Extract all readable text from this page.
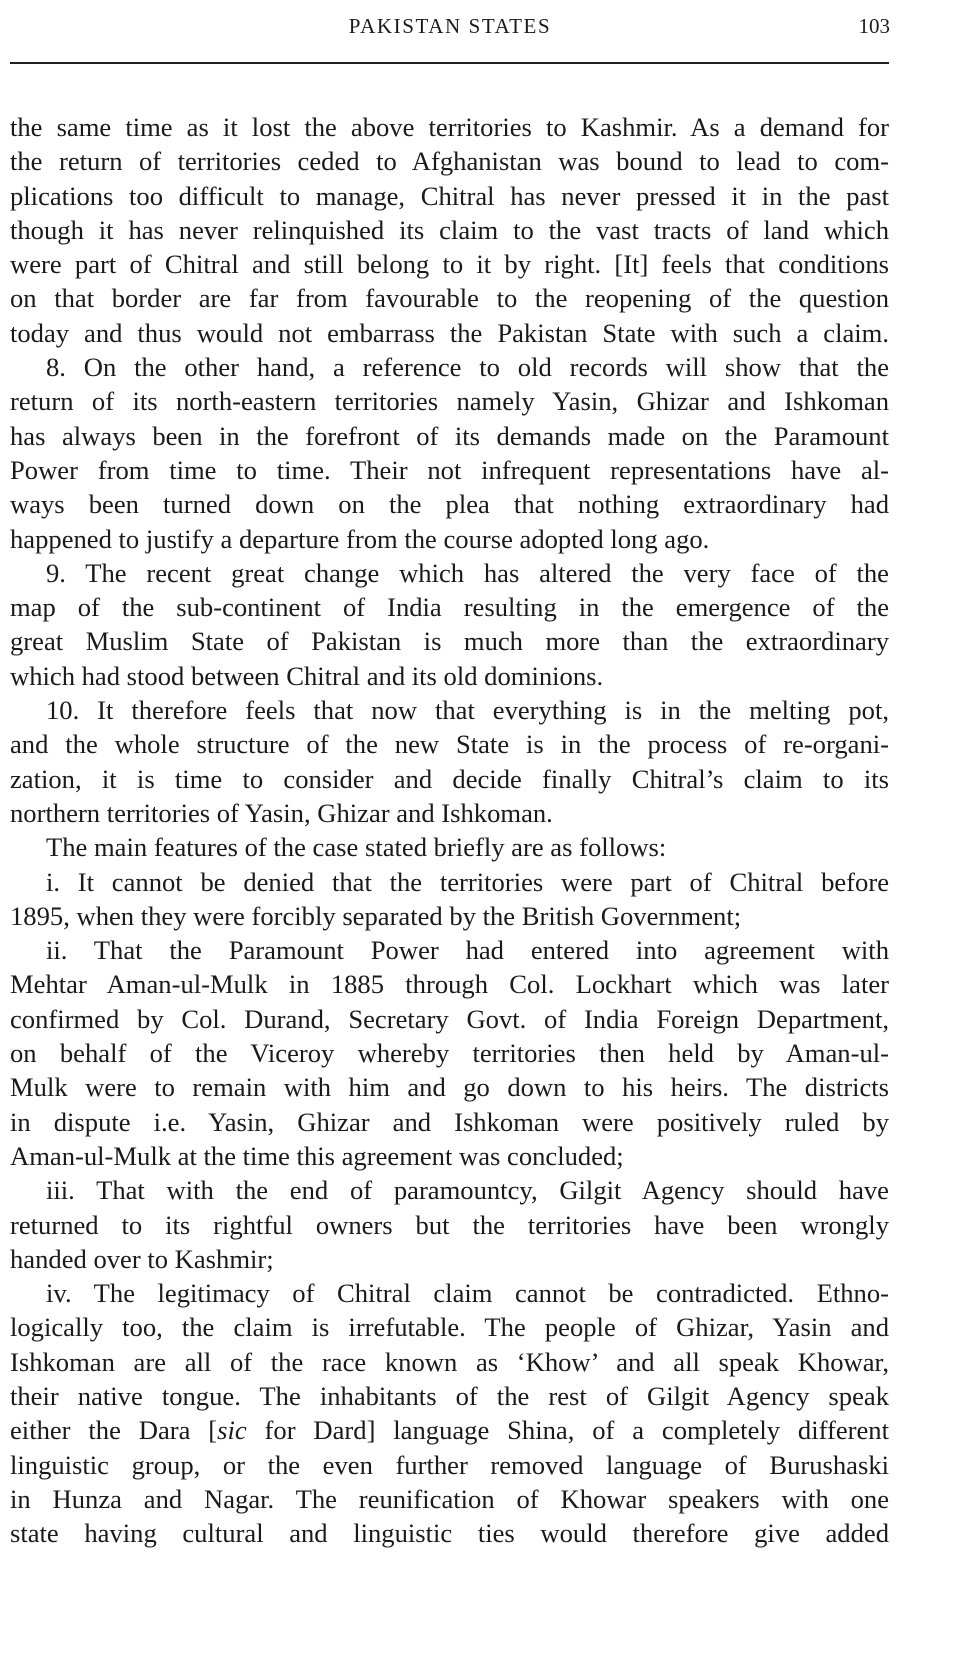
PAKISTAN STATES	103
the same time as it lost the above territories to Kashmir. As a demand for
the return of territories ceded to Afghanistan was bound to lead to com-
plications too difficult to manage, Chitral has never pressed it in the past
though it has never relinquished its claim to the vast tracts of land which
were part of Chitral and still belong to it by right. [It] feels that conditions
on that border are far from favourable to the reopening of the question
today and thus would not embarrass the Pakistan State with such a claim.
8. On the other hand, a reference to old records will show that the
return of its north-eastern territories namely Yasin, Ghizar and Ishkoman
has always been in the forefront of its demands made on the Paramount
Power from time to time. Their not infrequent representations have al-
ways been turned down on the plea that nothing extraordinary had
happened to justify a departure from the course adopted long ago.
9. The recent great change which has altered the very face of the
map of the sub-continent of India resulting in the emergence of the
great Muslim State of Pakistan is much more than the extraordinary
which had stood between Chitral and its old dominions.
10. It therefore feels that now that everything is in the melting pot,
and the whole structure of the new State is in the process of re-organi-
zation, it is time to consider and decide finally Chitral’s claim to its
northern territories of Yasin, Ghizar and Ishkoman.
The main features of the case stated briefly are as follows:
i. It cannot be denied that the territories were part of Chitral before
1895, when they were forcibly separated by the British Government;
ii. That the Paramount Power had entered into agreement with
Mehtar Aman-ul-Mulk in 1885 through Col. Lockhart which was later
confirmed by Col. Durand, Secretary Govt. of India Foreign Department,
on behalf of the Viceroy whereby territories then held by Aman-ul-
Mulk were to remain with him and go down to his heirs. The districts
in dispute i.e. Yasin, Ghizar and Ishkoman were positively ruled by
Aman-ul-Mulk at the time this agreement was concluded;
iii. That with the end of paramountcy, Gilgit Agency should have
returned to its rightful owners but the territories have been wrongly
handed over to Kashmir;
iv. The legitimacy of Chitral claim cannot be contradicted. Ethno-
logically too, the claim is irrefutable. The people of Ghizar, Yasin and
Ishkoman are all of the race known as ‘Khow’ and all speak Khowar,
their native tongue. The inhabitants of the rest of Gilgit Agency speak
either the Dara [sic for Dard] language Shina, of a completely different
linguistic group, or the even further removed language of Burushaski
in Hunza and Nagar. The reunification of Khowar speakers with one
state having cultural and linguistic ties would therefore give added
